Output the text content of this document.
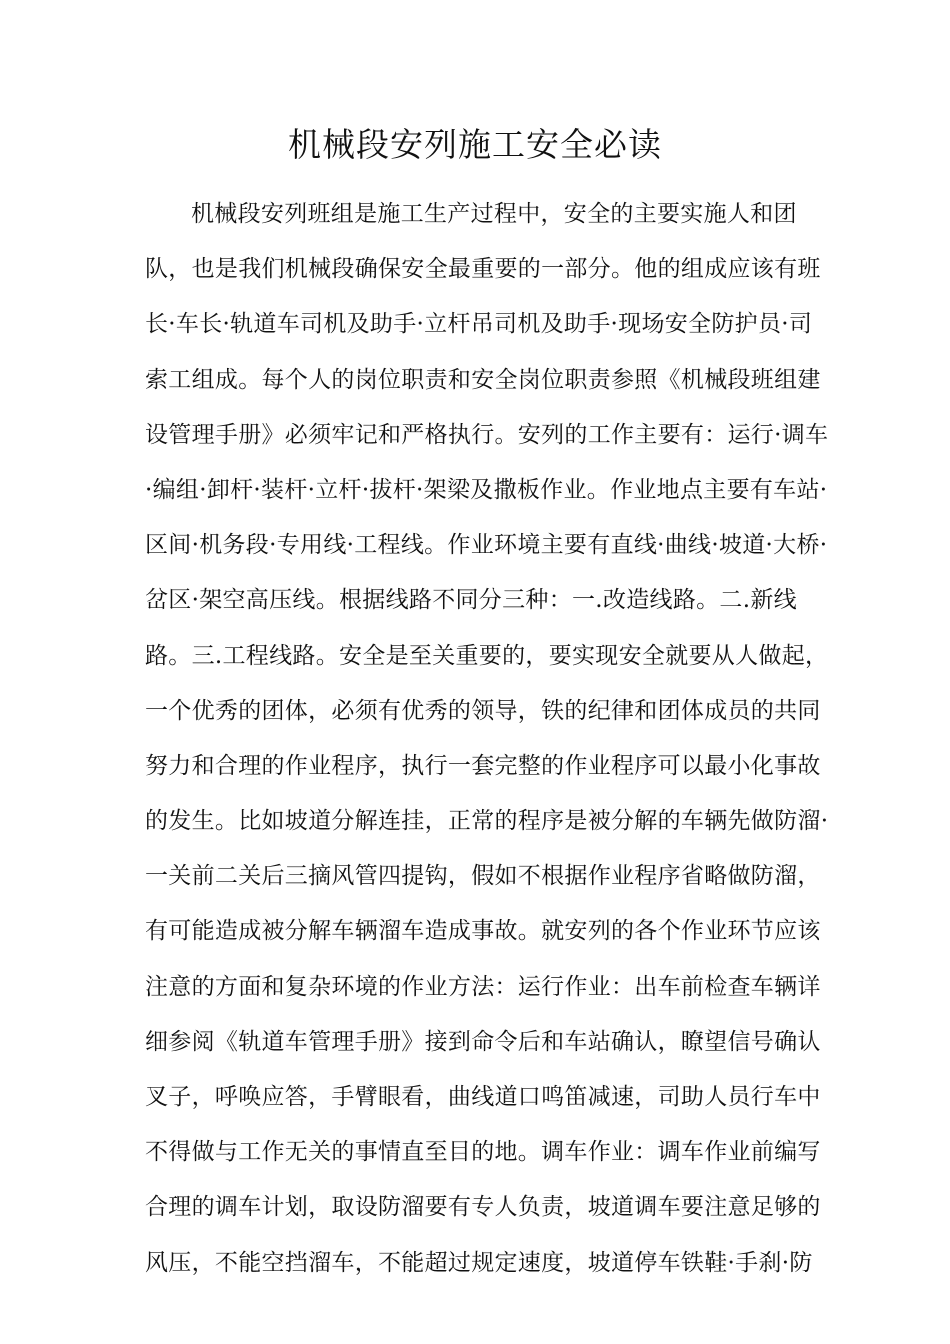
机械段安列施工安全必读
机械段安列班组是施工生产过程中，安全的主要实施人和团
队，也是我们机械段确保安全最重要的一部分。他的组成应该有班
长·车长·轨道车司机及助手·立杆吊司机及助手·现场安全防护员·司
索工组成。每个人的岗位职责和安全岗位职责参照《机械段班组建
设管理手册》必须牢记和严格执行。安列的工作主要有：运行·调车
·编组·卸杆·装杆·立杆·拔杆·架梁及撒板作业。作业地点主要有车站·
区间·机务段·专用线·工程线。作业环境主要有直线·曲线·坡道·大桥·
岔区·架空高压线。根据线路不同分三种：一.改造线路。二.新线
路。三.工程线路。安全是至关重要的，要实现安全就要从人做起，
一个优秀的团体，必须有优秀的领导，铁的纪律和团体成员的共同
努力和合理的作业程序，执行一套完整的作业程序可以最小化事故
的发生。比如坡道分解连挂，正常的程序是被分解的车辆先做防溜·
一关前二关后三摘风管四提钩，假如不根据作业程序省略做防溜，
有可能造成被分解车辆溜车造成事故。就安列的各个作业环节应该
注意的方面和复杂环境的作业方法：运行作业：出车前检查车辆详
细参阅《轨道车管理手册》接到命令后和车站确认，瞭望信号确认
叉子，呼唤应答，手臂眼看，曲线道口鸣笛减速，司助人员行车中
不得做与工作无关的事情直至目的地。调车作业：调车作业前编写
合理的调车计划，取设防溜要有专人负责，坡道调车要注意足够的
风压，不能空挡溜车，不能超过规定速度，坡道停车铁鞋·手刹·防
